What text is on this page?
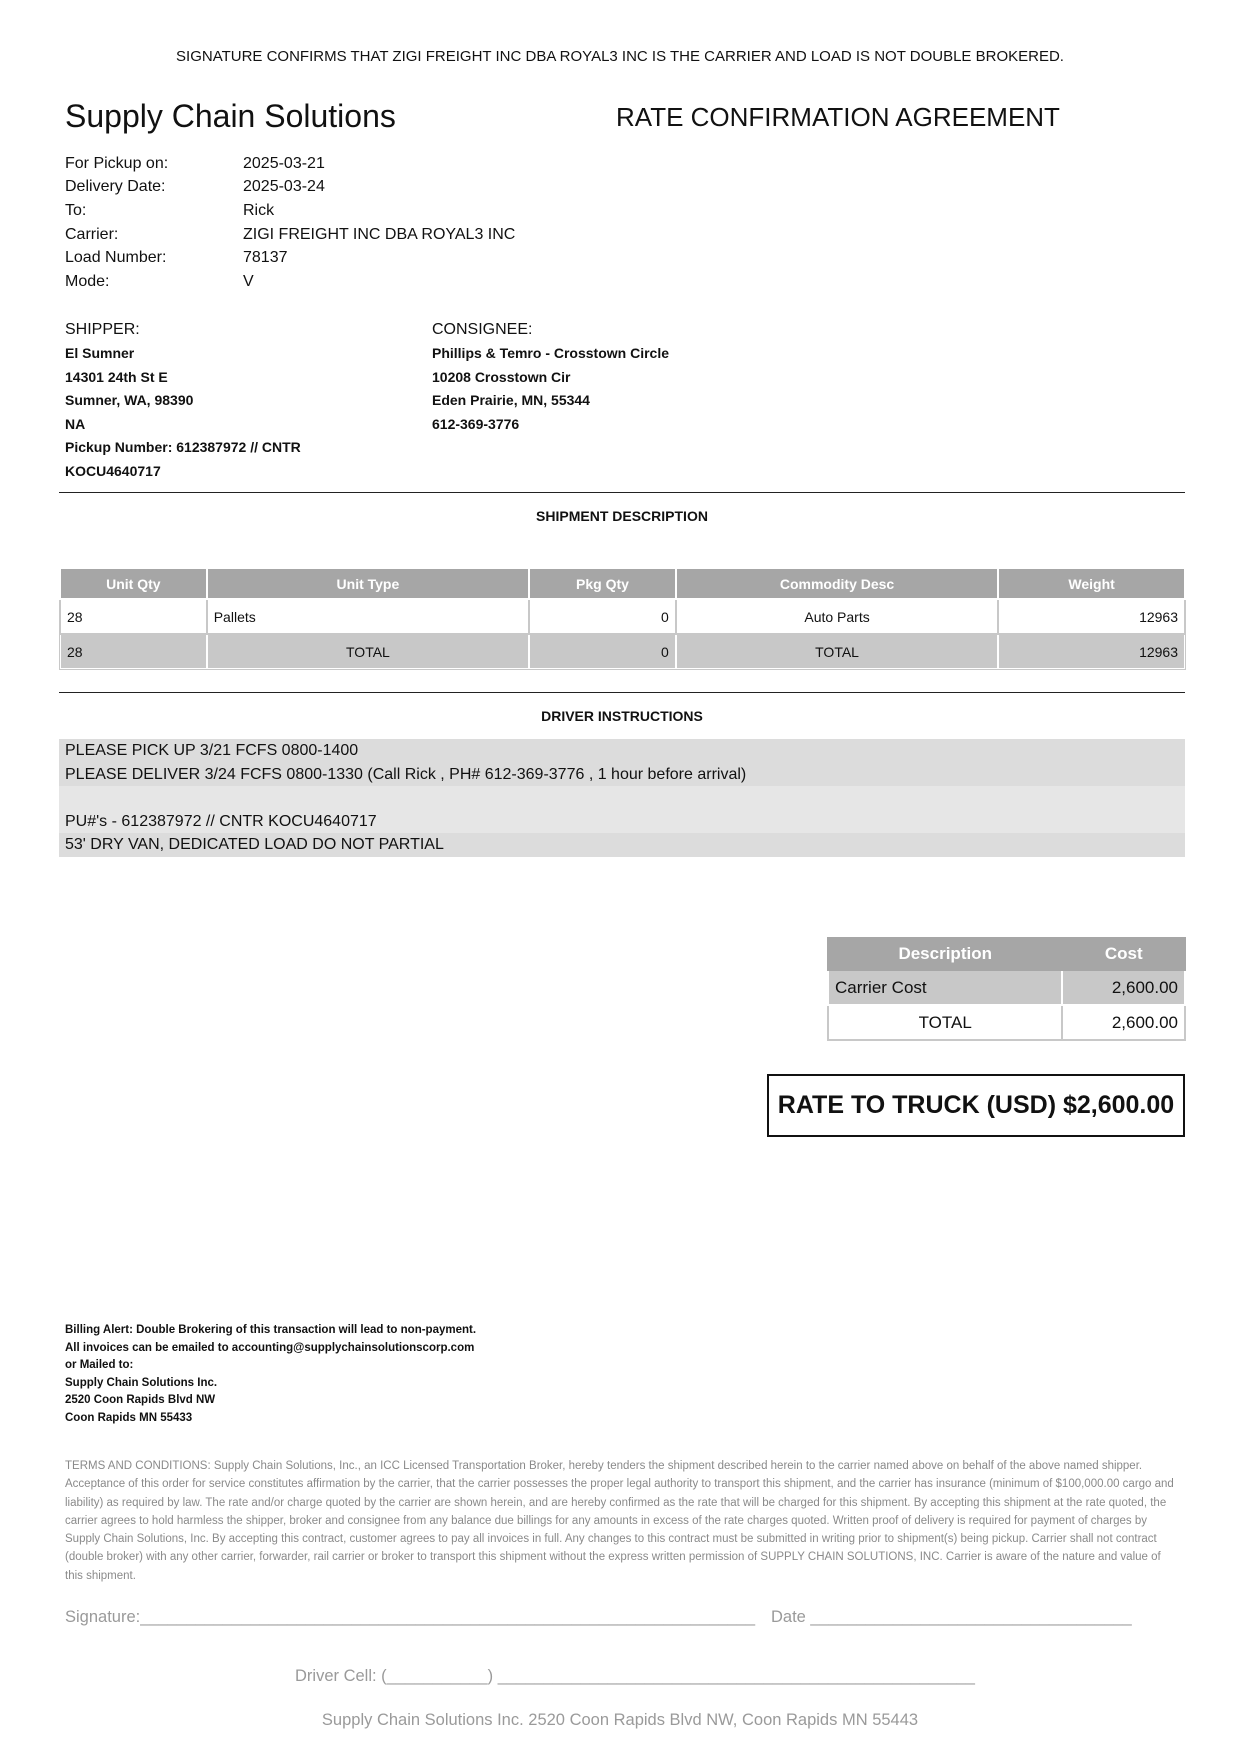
SIGNATURE CONFIRMS THAT ZIGI FREIGHT INC DBA ROYAL3 INC IS THE CARRIER AND LOAD IS NOT DOUBLE BROKERED.
Supply Chain Solutions	RATE CONFIRMATION AGREEMENT
For Pickup on:	2025-03-21
Delivery Date:	2025-03-24
To:	Rick
Carrier:	ZIGI FREIGHT INC DBA ROYAL3 INC
Load Number:	78137
Mode:	V
SHIPPER:
El Sumner
14301 24th St E
Sumner, WA, 98390
NA
Pickup Number: 612387972 // CNTR
KOCU4640717
CONSIGNEE:
Phillips & Temro - Crosstown Circle
10208 Crosstown Cir
Eden Prairie, MN, 55344
612-369-3776
SHIPMENT DESCRIPTION
Unit Qty	Unit Type	Pkg Qty	Commodity Desc	Weight
28	Pallets	0	Auto Parts	12963
28	TOTAL	0	TOTAL	12963
DRIVER INSTRUCTIONS
PLEASE PICK UP 3/21 FCFS 0800-1400
PLEASE DELIVER 3/24 FCFS 0800-1330 (Call Rick , PH# 612-369-3776 , 1 hour before arrival)
PU#'s - 612387972 // CNTR KOCU4640717
53' DRY VAN, DEDICATED LOAD DO NOT PARTIAL
Description	Cost
Carrier Cost	2,600.00
TOTAL	2,600.00
RATE TO TRUCK (USD) $2,600.00
Billing Alert: Double Brokering of this transaction will lead to non-payment.
All invoices can be emailed to accounting@supplychainsolutionscorp.com
or Mailed to:
Supply Chain Solutions Inc.
2520 Coon Rapids Blvd NW
Coon Rapids MN 55433
TERMS AND CONDITIONS: Supply Chain Solutions, Inc., an ICC Licensed Transportation Broker, hereby tenders the shipment described herein to the carrier named above on behalf of the above named shipper. Acceptance of this order for service constitutes affirmation by the carrier, that the carrier possesses the proper legal authority to transport this shipment, and the carrier has insurance (minimum of $100,000.00 cargo and liability) as required by law. The rate and/or charge quoted by the carrier are shown herein, and are hereby confirmed as the rate that will be charged for this shipment. By accepting this shipment at the rate quoted, the carrier agrees to hold harmless the shipper, broker and consignee from any balance due billings for any amounts in excess of the rate charges quoted. Written proof of delivery is required for payment of charges by Supply Chain Solutions, Inc. By accepting this contract, customer agrees to pay all invoices in full. Any changes to this contract must be submitted in writing prior to shipment(s) being pickup. Carrier shall not contract (double broker) with any other carrier, forwarder, rail carrier or broker to transport this shipment without the express written permission of SUPPLY CHAIN SOLUTIONS, INC. Carrier is aware of the nature and value of this shipment.
Signature:___________________________________________________________________ Date ___________________________________
Driver Cell: (___________) ____________________________________________________
Supply Chain Solutions Inc. 2520 Coon Rapids Blvd NW, Coon Rapids MN 55443
